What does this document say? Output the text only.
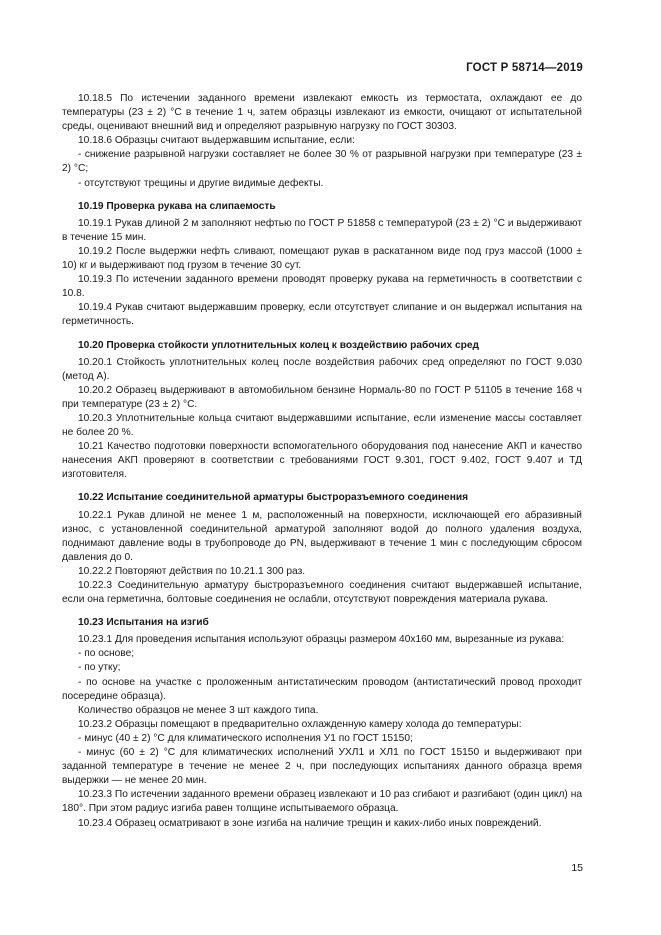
ГОСТ Р 58714—2019

10.18.5 По истечении заданного времени извлекают емкость из термостата, охлаждают ее до температуры (23 ± 2) °С в течение 1 ч, затем образцы извлекают из емкости, очищают от испытательной среды, оценивают внешний вид и определяют разрывную нагрузку по ГОСТ 30303.

10.18.6 Образцы считают выдержавшим испытание, если:

- снижение разрывной нагрузки составляет не более 30 % от разрывной нагрузки при температуре (23 ± 2) °С;

- отсутствуют трещины и другие видимые дефекты.

10.19 Проверка рукава на слипаемость

10.19.1 Рукав длиной 2 м заполняют нефтью по ГОСТ Р 51858 с температурой (23 ± 2) °С и выдерживают в течение 15 мин.

10.19.2 После выдержки нефть сливают, помещают рукав в раскатанном виде под груз массой (1000 ± 10) кг и выдерживают под грузом в течение 30 сут.

10.19.3 По истечении заданного времени проводят проверку рукава на герметичность в соответствии с 10.8.

10.19.4 Рукав считают выдержавшим проверку, если отсутствует слипание и он выдержал испытания на герметичность.

10.20 Проверка стойкости уплотнительных колец к воздействию рабочих сред

10.20.1 Стойкость уплотнительных колец после воздействия рабочих сред определяют по ГОСТ 9.030 (метод А).

10.20.2 Образец выдерживают в автомобильном бензине Нормаль-80 по ГОСТ Р 51105 в течение 168 ч при температуре (23 ± 2) °С.

10.20.3 Уплотнительные кольца считают выдержавшими испытание, если изменение массы составляет не более 20 %.

10.21 Качество подготовки поверхности вспомогательного оборудования под нанесение АКП и качество нанесения АКП проверяют в соответствии с требованиями ГОСТ 9.301, ГОСТ 9.402, ГОСТ 9.407 и ТД изготовителя.

10.22 Испытание соединительной арматуры быстроразъемного соединения

10.22.1 Рукав длиной не менее 1 м, расположенный на поверхности, исключающей его абразивный износ, с установленной соединительной арматурой заполняют водой до полного удаления воздуха, поднимают давление воды в трубопроводе до PN, выдерживают в течение 1 мин с последующим сбросом давления до 0.

10.22.2 Повторяют действия по 10.21.1 300 раз.

10.22.3 Соединительную арматуру быстроразъемного соединения считают выдержавшей испытание, если она герметична, болтовые соединения не ослабли, отсутствуют повреждения материала рукава.

10.23 Испытания на изгиб

10.23.1 Для проведения испытания используют образцы размером 40х160 мм, вырезанные из рукава:

- по основе;

- по утку;

- по основе на участке с проложенным антистатическим проводом (антистатический провод проходит посередине образца).

Количество образцов не менее 3 шт каждого типа.

10.23.2 Образцы помещают в предварительно охлажденную камеру холода до температуры:

- минус (40 ± 2) °С для климатического исполнения У1 по ГОСТ 15150;

- минус (60 ± 2) °С для климатических исполнений УХЛ1 и ХЛ1 по ГОСТ 15150 и выдерживают при заданной температуре в течение не менее 2 ч, при последующих испытаниях данного образца время выдержки — не менее 20 мин.

10.23.3 По истечении заданного времени образец извлекают и 10 раз сгибают и разгибают (один цикл) на 180°. При этом радиус изгиба равен толщине испытываемого образца.

10.23.4 Образец осматривают в зоне изгиба на наличие трещин и каких-либо иных повреждений.

15
